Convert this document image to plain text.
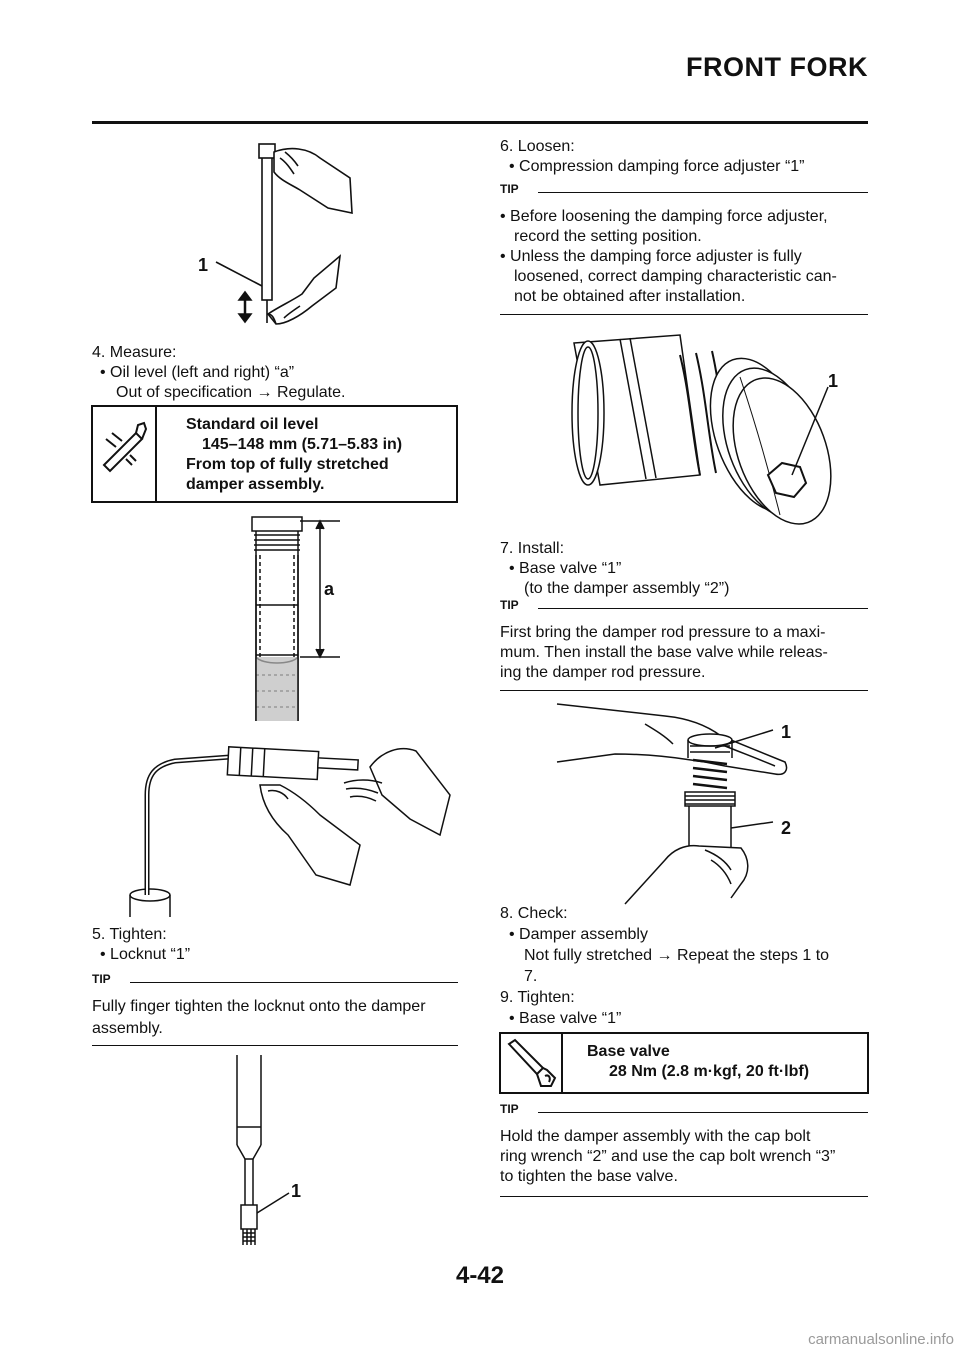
FRONT FORK
1
4. Measure:
• Oil level (left and right) “a”
Out of specification → Regulate.
Standard oil level
145–148 mm (5.71–5.83 in)
From top of fully stretched
damper assembly.
a
5. Tighten:
• Locknut “1”
TIP
Fully finger tighten the locknut onto the damper
assembly.
1
6. Loosen:
• Compression damping force adjuster “1”
TIP
• Before loosening the damping force adjuster,
record the setting position.
• Unless the damping force adjuster is fully
loosened, correct damping characteristic can-
not be obtained after installation.
1
7. Install:
• Base valve “1”
(to the damper assembly “2”)
TIP
First bring the damper rod pressure to a maxi-
mum. Then install the base valve while releas-
ing the damper rod pressure.
1
2
8. Check:
• Damper assembly
Not fully stretched → Repeat the steps 1 to
7.
9. Tighten:
• Base valve “1”
Base valve
28 Nm (2.8 m·kgf, 20 ft·lbf)
TIP
Hold the damper assembly with the cap bolt
ring wrench “2” and use the cap bolt wrench “3”
to tighten the base valve.
4-42
carmanualsonline.info
